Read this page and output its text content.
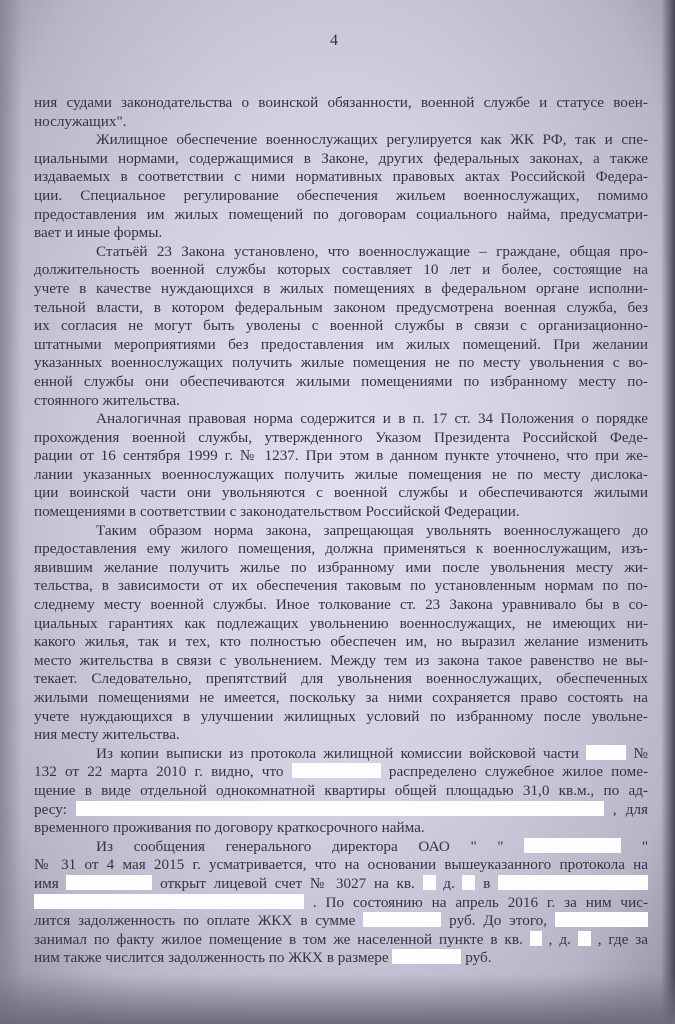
4
ния судами законодательства о воинской обязанности, военной службе и статусе воен-
нослужащих".
Жилищное обеспечение военнослужащих регулируется как ЖК РФ, так и спе-
циальными нормами, содержащимися в Законе, других федеральных законах, а также
издаваемых в соответствии с ними нормативных правовых актах Российской Федера-
ции. Специальное регулирование обеспечения жильем военнослужащих, помимо
предоставления им жилых помещений по договорам социального найма, предусматри-
вает и иные формы.
Статьёй 23 Закона установлено, что военнослужащие – граждане, общая про-
должительность военной службы которых составляет 10 лет и более, состоящие на
учете в качестве нуждающихся в жилых помещениях в федеральном органе исполни-
тельной власти, в котором федеральным законом предусмотрена военная служба, без
их согласия не могут быть уволены с военной службы в связи с организационно-
штатными мероприятиями без предоставления им жилых помещений. При желании
указанных военнослужащих получить жилые помещения не по месту увольнения с во-
енной службы они обеспечиваются жилыми помещениями по избранному месту по-
стоянного жительства.
Аналогичная правовая норма содержится и в п. 17 ст. 34 Положения о порядке
прохождения военной службы, утвержденного Указом Президента Российской Феде-
рации от 16 сентября 1999 г. № 1237. При этом в данном пункте уточнено, что при же-
лании указанных военнослужащих получить жилые помещения не по месту дислока-
ции воинской части они увольняются с военной службы и обеспечиваются жилыми
помещениями в соответствии с законодательством Российской Федерации.
Таким образом норма закона, запрещающая увольнять военнослужащего до
предоставления ему жилого помещения, должна применяться к военнослужащим, изъ-
явившим желание получить жилье по избранному ими после увольнения месту жи-
тельства, в зависимости от их обеспечения таковым по установленным нормам по по-
следнему месту военной службы. Иное толкование ст. 23 Закона уравнивало бы в со-
циальных гарантиях как подлежащих увольнению военнослужащих, не имеющих ни-
какого жилья, так и тех, кто полностью обеспечен им, но выразил желание изменить
место жительства в связи с увольнением. Между тем из закона такое равенство не вы-
текает. Следовательно, препятствий для увольнения военнослужащих, обеспеченных
жилыми помещениями не имеется, поскольку за ними сохраняется право состоять на
учете нуждающихся в улучшении жилищных условий по избранному после увольне-
ния месту жительства.
Из копии выписки из протокола жилищной комиссии войсковой части	№
132 от 22 марта 2010 г. видно, что	распределено служебное жилое поме-
щение в виде отдельной однокомнатной квартиры общей площадью 31,0 кв.м., по ад-
ресу:	, для
временного проживания по договору краткосрочного найма.
Из сообщения генерального директора ОАО " "	"
№ 31 от 4 мая 2015 г. усматривается, что на основании вышеуказанного протокола на
имя	открыт лицевой счет № 3027 на кв. д. в
. По состоянию на апрель 2016 г. за ним чис-
лится задолженность по оплате ЖКХ в сумме	руб. До этого,
занимал по факту жилое помещение в том же населенной пункте в кв. , д. , где за
ним также числится задолженность по ЖКХ в размере	руб.
